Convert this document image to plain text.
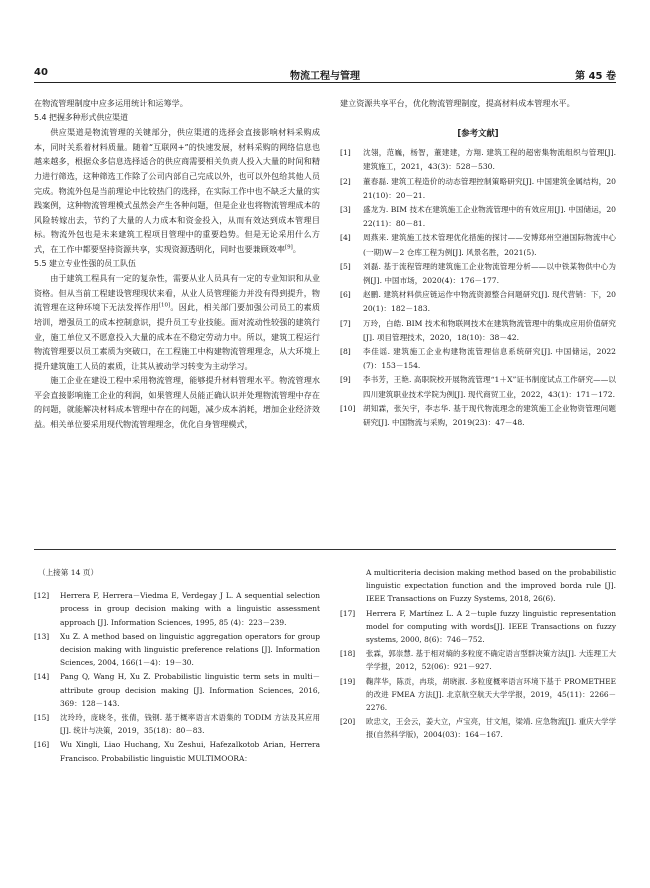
40	物流工程与管理	第 45 卷

在物流管理制度中应多运用统计和运筹学。

5.4 把握多种形式供应渠道

供应渠道是物流管理的关键部分，供应渠道的选择会直接影响材料采购成本，同时关系着材料质量。随着“互联网+”的快速发展，材料采购的网络信息也越来越多，根据众多信息选择适合的供应商需要相关负责人投入大量的时间和精力进行筛选，这种筛选工作除了公司内部自己完成以外，也可以外包给其他人员完成。物流外包是当前理论中比较热门的选择，在实际工作中也不缺乏大量的实践案例，这种物流管理模式虽然会产生各种问题，但是企业也将物流管理成本的风险转嫁出去，节约了大量的人力成本和资金投入，从而有效达到成本管理目标。物流外包也是未来建筑工程项目管理中的重要趋势。但是无论采用什么方式，在工作中都要坚持资源共享，实现资源透明化，同时也要兼顾效率[9]。

5.5 建立专业性强的员工队伍

由于建筑工程具有一定的复杂性，需要从业人员具有一定的专业知识和从业资格。但从当前工程建设管理现状来看，从业人员管理能力并没有得到提升，物流管理在这种环境下无法发挥作用[10]。因此，相关部门要加强公司员工的素质培训，增强员工的成本控制意识，提升员工专业技能。面对流动性较强的建筑行业，施工单位又不愿意投入大量的成本在不稳定劳动力中。所以，建筑工程运行物流管理要以员工素质为突破口，在工程施工中构建物流管理理念，从大环境上提升建筑施工人员的素质，让其从被动学习转变为主动学习。

施工企业在建设工程中采用物流管理，能够提升材料管理水平。物流管理水平会直接影响施工企业的利润，如果管理人员能正确认识并处理物流管理中存在的问题，就能解决材料成本管理中存在的问题，减少成本消耗，增加企业经济效益。相关单位要采用现代物流管理理念，优化自身管理模式，

建立资源共享平台，优化物流管理制度，提高材料成本管理水平。

[参考文献]
[1] 沈翎，范巍，杨智，董建建，方翔. 建筑工程的超密集物流组织与管理[J]. 建筑施工，2021，43(3)：528－530.
[2] 董春磊. 建筑工程造价的动态管理控制策略研究[J]. 中国建筑金属结构，2021(10)：20－21.
[3] 盛龙为. BIM 技术在建筑施工企业物流管理中的有效应用[J]. 中国储运，2022(11)：80－81.
[4] 周燕来. 建筑施工技术管理优化措施的探讨——安博郑州空港国际物流中心(一期)W－2 仓库工程为例[J]. 风景名胜，2021(5).
[5] 刘磊. 基于流程管理的建筑施工企业物流管理分析——以中铁某物供中心为例[J]. 中国市场，2020(4)：176－177.
[6] 赵鹏. 建筑材料供应链运作中物流资源整合问题研究[J]. 现代营销：下，2020(1)：182－183.
[7] 万玲，白皓. BIM 技术和物联网技术在建筑物流管理中的集成应用价值研究[J]. 项目管理技术，2020，18(10)：38－42.
[8] 李佳谣. 建筑施工企业构建物流管理信息系统研究[J]. 中国储运，2022(7)：153－154.
[9] 李书芳，王艳. 高职院校开展物流管理“1＋X”证书制度试点工作研究——以四川建筑职业技术学院为例[J]. 现代商贸工业，2022，43(1)：171－172.
[10] 胡知霖，张矢宇，李志华. 基于现代物流理念的建筑施工企业物资管理问题研究[J]. 中国物流与采购，2019(23)：47－48.
（上接第 14 页）
[12] Herrera F, Herrera－Viedma E, Verdegay J L. A sequential selection process in group decision making with a linguistic assessment approach [J]. Information Sciences, 1995, 85 (4)：223－239.
[13] Xu Z. A method based on linguistic aggregation operators for group decision making with linguistic preference relations [J]. Information Sciences, 2004, 166(1－4)：19－30.
[14] Pang Q, Wang H, Xu Z. Probabilistic linguistic term sets in multi－attribute group decision making [J]. Information Sciences, 2016, 369：128－143.
[15] 沈玲玲，庞晓冬，张倩，钱钢. 基于概率语言术语集的 TODIM 方法及其应用[J]. 统计与决策，2019，35(18)：80－83.
[16] Wu Xingli, Liao Huchang, Xu Zeshui, Hafezalkotob Arian, Herrera Francisco. Probabilistic linguistic MULTIMOORA：
A multicriteria decision making method based on the probabilistic linguistic expectation function and the improved borda rule [J]. IEEE Transactions on Fuzzy Systems, 2018, 26(6).
[17] Herrera F, Martínez L. A 2－tuple fuzzy linguistic representation model for computing with words[J]. IEEE Transactions on fuzzy systems, 2000, 8(6)：746－752.
[18] 张霖，郭崇慧. 基于相对熵的多粒度不确定语言型群决策方法[J]. 大连理工大学学报，2012，52(06)：921－927.
[19] 鞠萍华，陈贡，冉琰，胡晓淑. 多粒度概率语言环境下基于 PROMETHEE 的改进 FMEA 方法[J]. 北京航空航天大学学报，2019，45(11)：2266－2276.
[20] 欧忠文，王会云，姜大立，卢宝亮，甘文旭，梁靖. 应急物流[J]. 重庆大学学报(自然科学版)，2004(03)：164－167.
